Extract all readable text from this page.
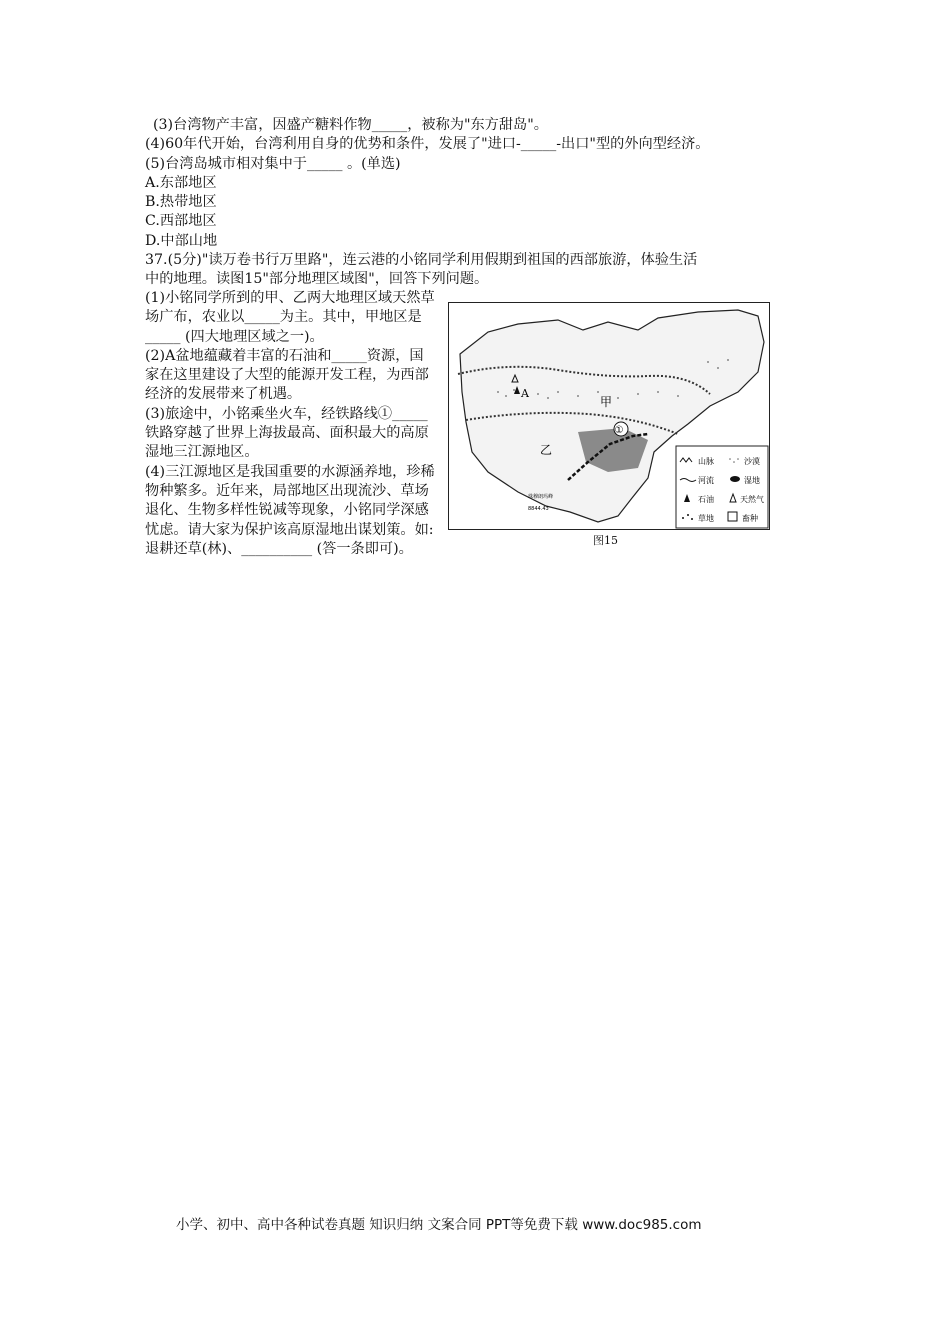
(3)台湾物产丰富，因盛产糖料作物_____，被称为"东方甜岛"。
(4)60年代开始，台湾利用自身的优势和条件，发展了"进口-_____-出口"型的外向型经济。
(5)台湾岛城市相对集中于_____ 。(单选)
A.东部地区
B.热带地区
C.西部地区
D.中部山地
37.(5分)"读万卷书行万里路"，连云港的小铭同学利用假期到祖国的西部旅游，体验生活
中的地理。读图15"部分地理区域图"，回答下列问题。

(1)小铭同学所到的甲、乙两大地理区域天然草场广布，农业以_____为主。其中，甲地区是_____ (四大地理区域之一)。

(2)A盆地蕴藏着丰富的石油和_____资源，国家在这里建设了大型的能源开发工程，为西部经济的发展带来了机遇。

(3)旅途中，小铭乘坐火车，经铁路线①_____铁路穿越了世界上海拔最高、面积最大的高原湿地三江源地区。

(4)三江源地区是我国重要的水源涵养地，珍稀物种繁多。近年来，局部地区出现流沙、草场退化、生物多样性锐减等现象，小铭同学深感忧虑。请大家为保护该高原湿地出谋划策。如:退耕还草(林)、__________ (答一条即可)。

A
甲
乙
①
珠穆朗玛峰
8844.43
山脉	沙漠
河流	湿地
石油	天然气
草地	畜种
图15
小学、初中、高中各种试卷真题 知识归纳 文案合同 PPT等免费下载 www.doc985.com
